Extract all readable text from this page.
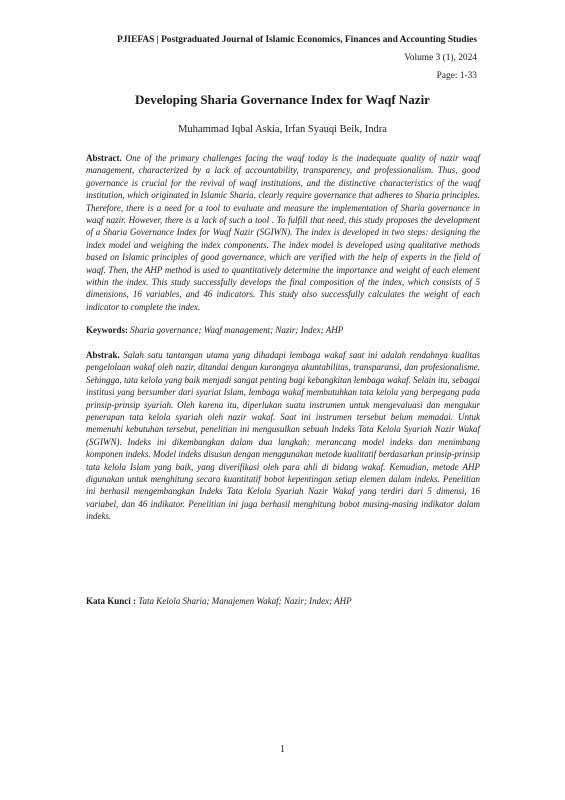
PJIEFAS | Postgraduated Journal of Islamic Economics, Finances and Accounting Studies
Volume 3 (1), 2024
Page: 1-33
Developing Sharia Governance Index for Waqf Nazir
Muhammad Iqbal Askia, Irfan Syauqi Beik, Indra
Abstract. One of the primary challenges facing the waqf today is the inadequate quality of nazir waqf management, characterized by a lack of accountability, transparency, and professionalism. Thus, good governance is crucial for the revival of waqf institutions, and the distinctive characteristics of the waqf institution, which originated in Islamic Sharia, clearly require governance that adheres to Sharia principles. Therefore, there is a need for a tool to evaluate and measure the implementation of Sharia governance in waqf nazir. However, there is a lack of such a tool . To fulfill that need, this study proposes the development of a Sharia Governance Index for Waqf Nazir (SGIWN). The index is developed in two steps: designing the index model and weighing the index components. The index model is developed using qualitative methods based on Islamic principles of good governance, which are verified with the help of experts in the field of waqf. Then, the AHP method is used to quantitatively determine the importance and weight of each element within the index. This study successfully develops the final composition of the index, which consists of 5 dimensions, 16 variables, and 46 indicators. This study also successfully calculates the weight of each indicator to complete the index.
Keywords: Sharia governance; Waqf management; Nazir; Index; AHP
Abstrak. Salah satu tantangan utama yang dihadapi lembaga wakaf saat ini adalah rendahnya kualitas pengelolaan wakaf oleh nazir, ditandai dengan kurangnya akuntabilitas, transparansi, dan profesionalisme. Sehingga, tata kelola yang baik menjadi sangat penting bagi kebangkitan lembaga wakaf. Selain itu, sebagai institusi yang bersumber dari syariat Islam, lembaga wakaf membutuhkan tata kelola yang berpegang pada prinsip-prinsip syariah. Oleh karena itu, diperlukan suatu instrumen untuk mengevaluasi dan mengukur penerapan tata kelola syariah oleh nazir wakaf. Saat ini instrumen tersebut belum memadai. Untuk memenuhi kebutuhan tersebut, penelitian ini mengusulkan sebuah Indeks Tata Kelola Syariah Nazir Wakaf (SGIWN). Indeks ini dikembangkan dalam dua langkah: merancang model indeks dan menimbang komponen indeks. Model indeks disusun dengan menggunakan metode kualitatif berdasarkan prinsip-prinsip tata kelola Islam yang baik, yang diverifikasi oleh para ahli di bidang wakaf. Kemudian, metode AHP digunakan untuk menghitung secara kuantitatif bobot kepentingan setiap elemen dalam indeks. Penelitian ini berhasil mengembangkan Indeks Tata Kelola Syariah Nazir Wakaf yang terdiri dari 5 dimensi, 16 variabel, dan 46 indikator. Penelitian ini juga berhasil menghitung bobot masing-masing indikator dalam indeks.
Kata Kunci : Tata Kelola Sharia; Manajemen Wakaf; Nazir; Index; AHP
1
